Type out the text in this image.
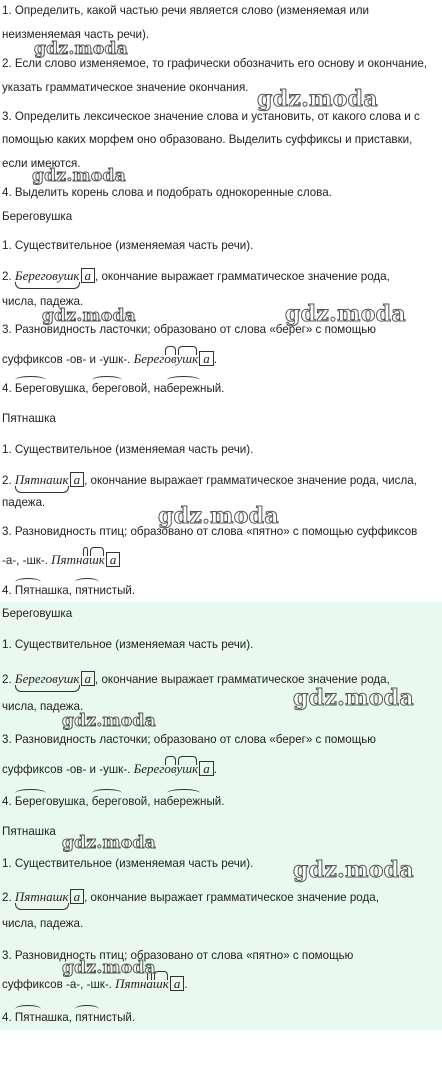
1. Определить, какой частью речи является слово (изменяемая или
неизменяемая часть речи).
2. Если слово изменяемое, то графически обозначить его основу и окончание,
указать грамматическое значение окончания.
3. Определить лексическое значение слова и установить, от какого слова и с
помощью каких морфем оно образовано. Выделить суффиксы и приставки,
если имеются.
4. Выделить корень слова и подобрать однокоренные слова.
Береговушка
1. Существительное (изменяемая часть речи).
2. Береговушк а , окончание выражает грамматическое значение рода,
числа, падежа.
3. Разновидность ласточки; образовано от слова «берег» с помощью
суффиксов -ов- и -ушк-. Береговушк а .
4. Береговушка, береговой, набережный.
Пятнашка
1. Существительное (изменяемая часть речи).
2. Пятнашк а , окончание выражает грамматическое значение рода, числа,
падежа.
3. Разновидность птиц; образовано от слова «пятно» с помощью суффиксов
-а-, -шк-. Пятнашк а
4. Пятнашка, пятнистый.
Береговушка
1. Существительное (изменяемая часть речи).
2. Береговушк а , окончание выражает грамматическое значение рода,
числа, падежа.
3. Разновидность ласточки; образовано от слова «берег» с помощью
суффиксов -ов- и -ушк-. Береговушк а .
4. Береговушка, береговой, набережный.
Пятнашка
1. Существительное (изменяемая часть речи).
2. Пятнашк а , окончание выражает грамматическое значение рода,
числа, падежа.
3. Разновидность птиц; образовано от слова «пятно» с помощью
суффиксов -а-, -шк-. Пятнашк а .
4. Пятнашка, пятнистый.
gdz.moda
gdz.moda
gdz.moda
gdz.moda	gdz.moda
gdz.moda
gdz.moda
gdz.moda
gdz.moda
gdz.moda
gdz.moda
